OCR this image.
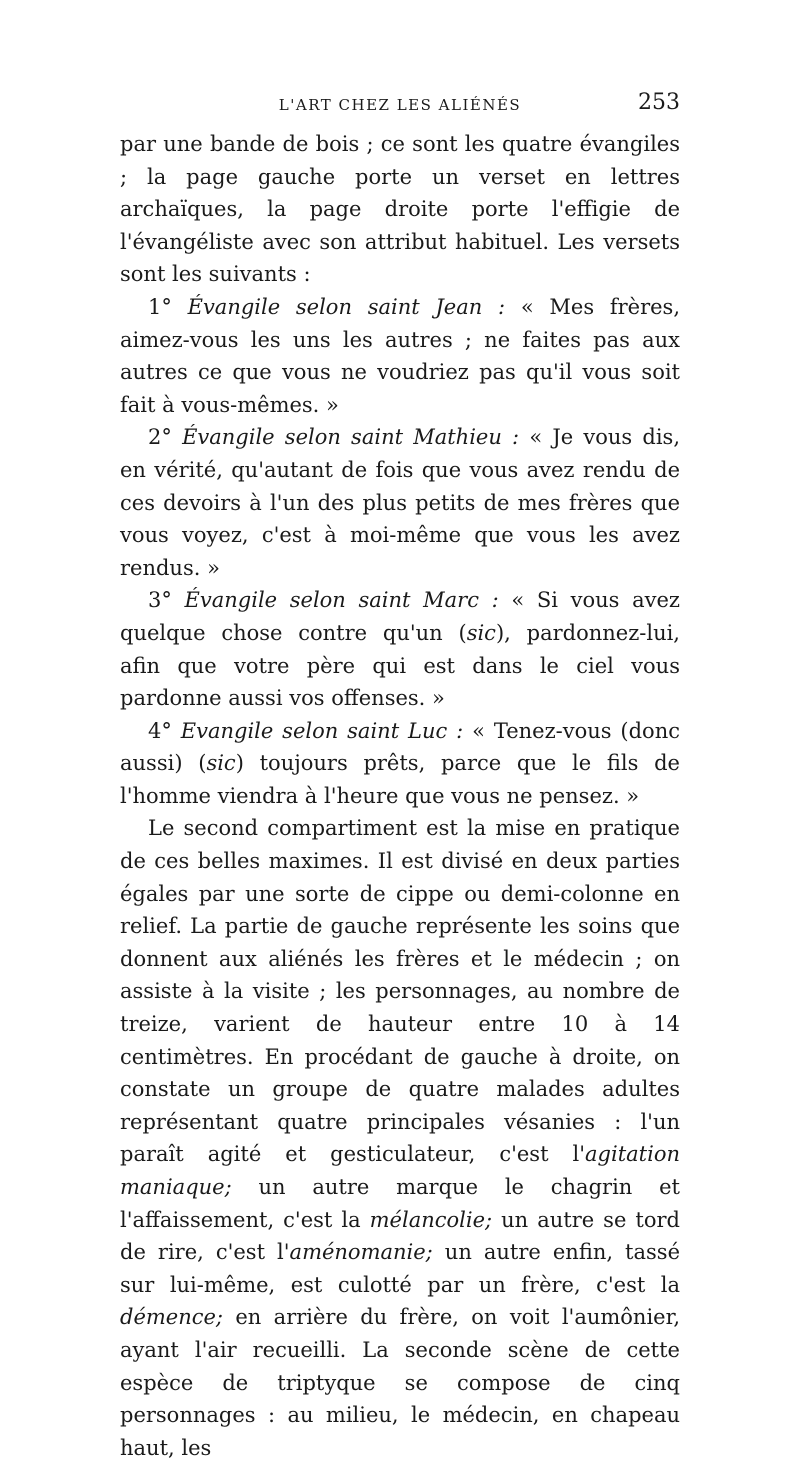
L'ART CHEZ LES ALIÉNÉS	253

par une bande de bois ; ce sont les quatre évangiles ; la page gauche porte un verset en lettres archaïques, la page droite porte l'effigie de l'évangéliste avec son attribut habituel. Les versets sont les suivants :

1° Évangile selon saint Jean : « Mes frères, aimez-vous les uns les autres ; ne faites pas aux autres ce que vous ne voudriez pas qu'il vous soit fait à vous-mêmes. »

2° Évangile selon saint Mathieu : « Je vous dis, en vérité, qu'autant de fois que vous avez rendu de ces devoirs à l'un des plus petits de mes frères que vous voyez, c'est à moi-même que vous les avez rendus. »

3° Évangile selon saint Marc : « Si vous avez quelque chose contre qu'un (sic), pardonnez-lui, afin que votre père qui est dans le ciel vous pardonne aussi vos offenses. »

4° Evangile selon saint Luc : « Tenez-vous (donc aussi) (sic) toujours prêts, parce que le fils de l'homme viendra à l'heure que vous ne pensez. »

Le second compartiment est la mise en pratique de ces belles maximes. Il est divisé en deux parties égales par une sorte de cippe ou demi-colonne en relief. La partie de gauche représente les soins que donnent aux aliénés les frères et le médecin ; on assiste à la visite ; les personnages, au nombre de treize, varient de hauteur entre 10 à 14 centimètres. En procédant de gauche à droite, on constate un groupe de quatre malades adultes représentant quatre principales vésanies : l'un paraît agité et gesticulateur, c'est l'agitation maniaque; un autre marque le chagrin et l'affaissement, c'est la mélancolie; un autre se tord de rire, c'est l'aménomanie; un autre enfin, tassé sur lui-même, est culotté par un frère, c'est la démence; en arrière du frère, on voit l'aumônier, ayant l'air recueilli. La seconde scène de cette espèce de triptyque se compose de cinq personnages : au milieu, le médecin, en chapeau haut, les
